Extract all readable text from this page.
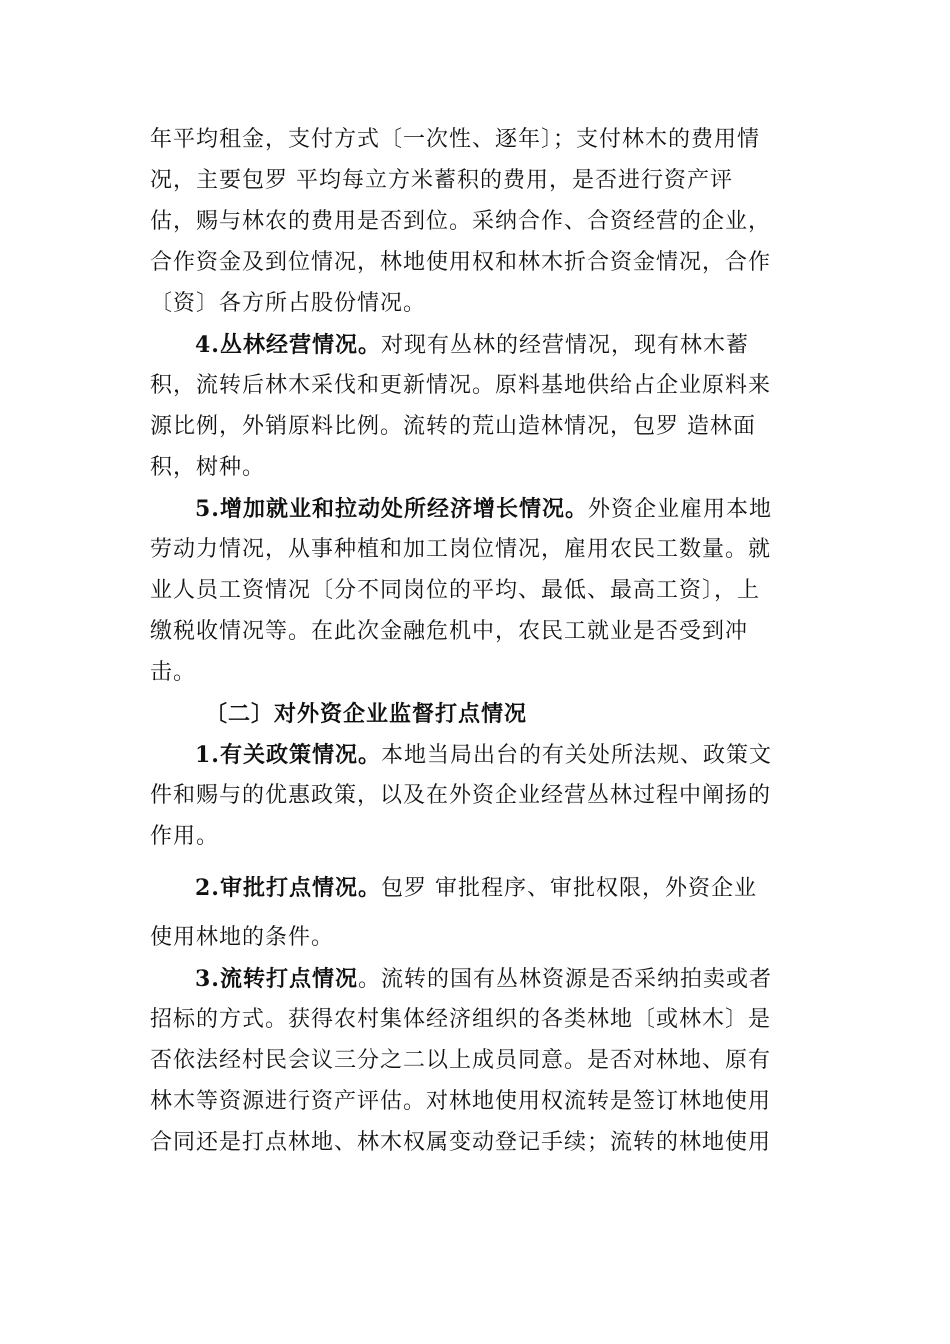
年平均租金，支付方式〔一次性、逐年〕；支付林木的费用情
况，主要包罗 平均每立方米蓄积的费用，是否进行资产评
估，赐与林农的费用是否到位。采纳合作、合资经营的企业，
合作资金及到位情况，林地使用权和林木折合资金情况，合作
〔资〕各方所占股份情况。
4.丛林经营情况。对现有丛林的经营情况，现有林木蓄
积，流转后林木采伐和更新情况。原料基地供给占企业原料来
源比例，外销原料比例。流转的荒山造林情况，包罗 造林面
积，树种。
5.增加就业和拉动处所经济增长情况。外资企业雇用本地
劳动力情况，从事种植和加工岗位情况，雇用农民工数量。就
业人员工资情况〔分不同岗位的平均、最低、最高工资〕，上
缴税收情况等。在此次金融危机中，农民工就业是否受到冲
击。
〔二〕对外资企业监督打点情况
1.有关政策情况。本地当局出台的有关处所法规、政策文
件和赐与的优惠政策，以及在外资企业经营丛林过程中阐扬的
作用。
2.审批打点情况。包罗 审批程序、审批权限，外资企业
使用林地的条件。
3.流转打点情况。流转的国有丛林资源是否采纳拍卖或者
招标的方式。获得农村集体经济组织的各类林地〔或林木〕是
否依法经村民会议三分之二以上成员同意。是否对林地、原有
林木等资源进行资产评估。对林地使用权流转是签订林地使用
合同还是打点林地、林木权属变动登记手续；流转的林地使用
